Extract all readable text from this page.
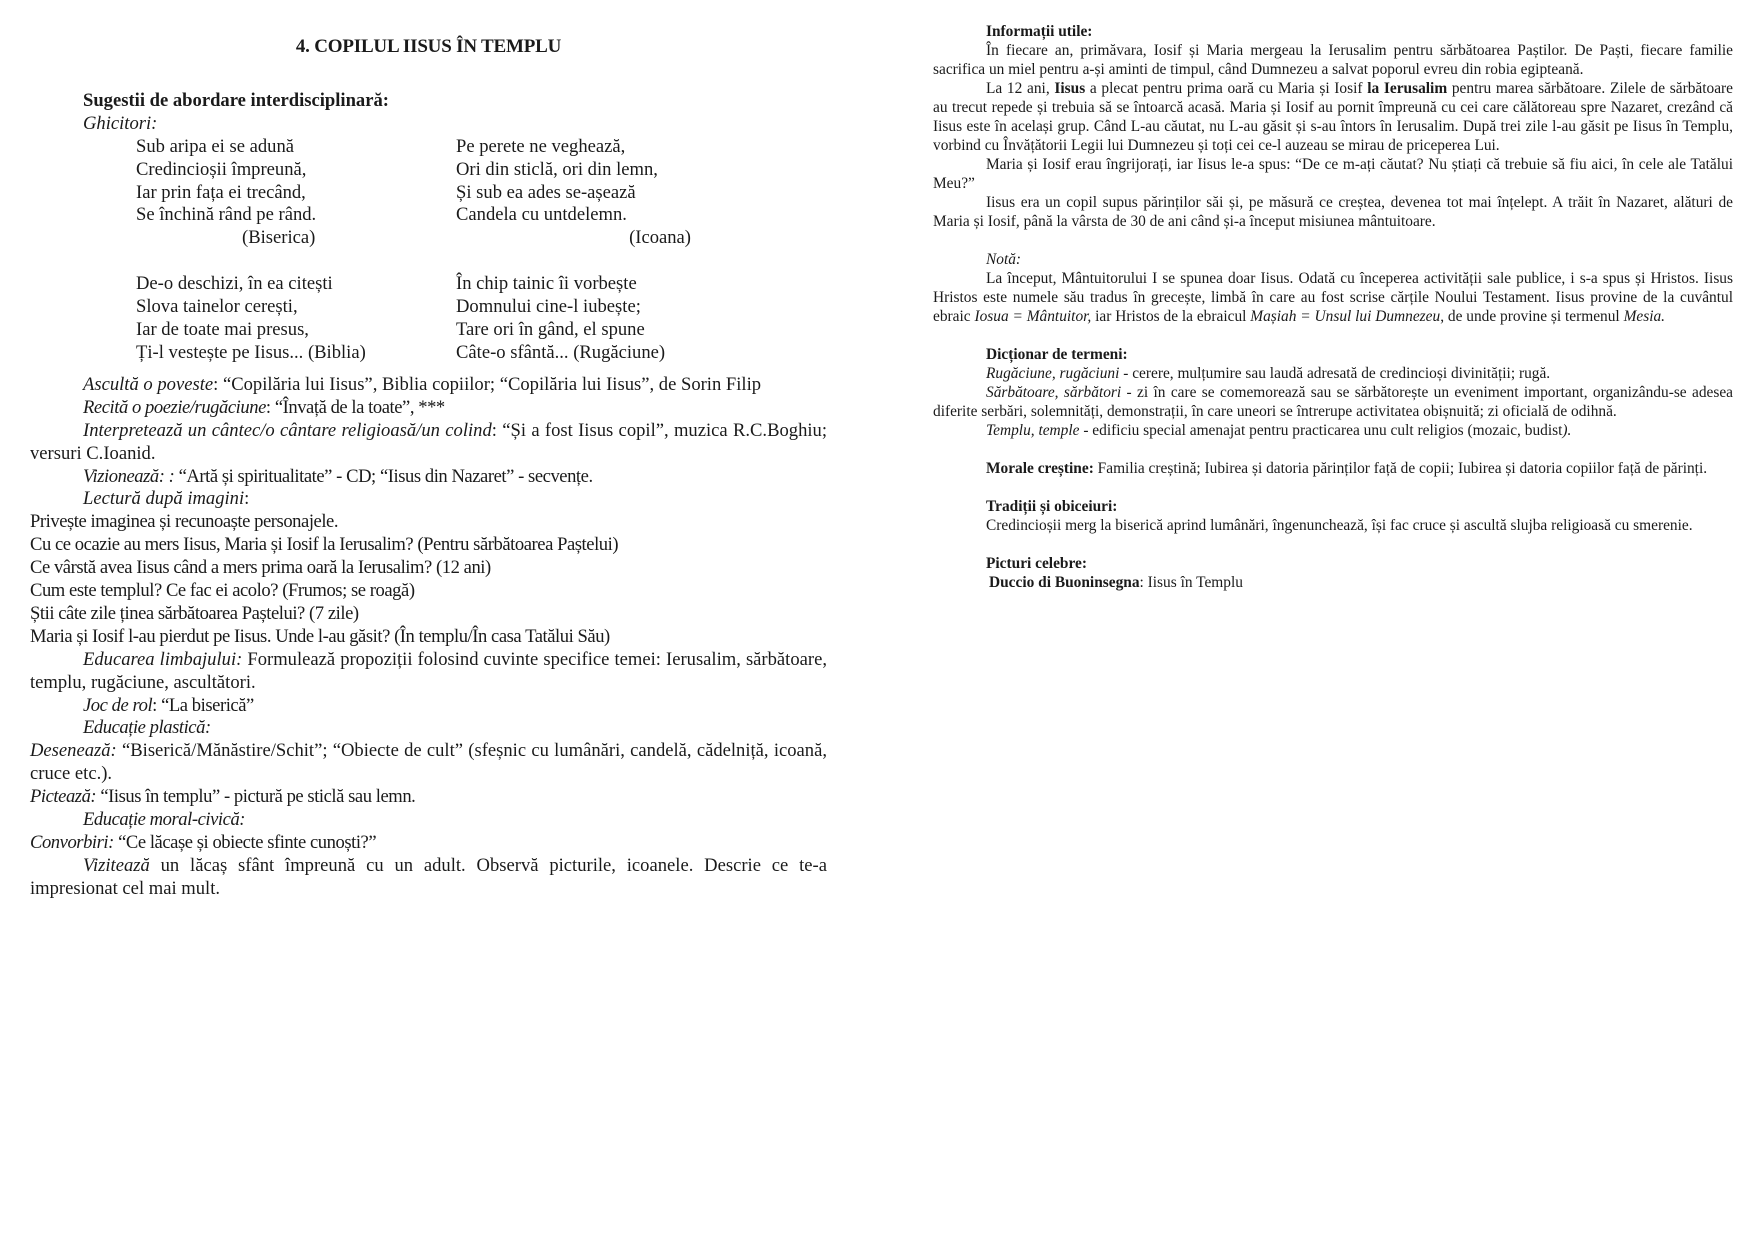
4. COPILUL IISUS ÎN TEMPLU
Sugestii de abordare interdisciplinară:
Ghicitori:
Sub aripa ei se adună
Credincioșii împreună,
Iar prin fața ei trecând,
Se închină rând pe rând.
(Biserica)
Pe perete ne veghează,
Ori din sticlă, ori din lemn,
Și sub ea ades se-așează
Candela cu untdelemn.
(Icoana)
De-o deschizi, în ea citești
Slova tainelor cerești,
Iar de toate mai presus,
Ți-l vestește pe Iisus... (Biblia)
În chip tainic îi vorbește
Domnului cine-l iubește;
Tare ori în gând, el spune
Câte-o sfântă... (Rugăciune)

Ascultă o poveste: “Copilăria lui Iisus”, Biblia copiilor; “Copilăria lui Iisus”, de Sorin Filip

Recită o poezie/rugăciune: “Învață de la toate”, ***

Interpretează un cântec/o cântare religioasă/un colind: “Și a fost Iisus copil”, muzica R.C.Boghiu; versuri C.Ioanid.

Vizionează: : “Artă și spiritualitate” - CD; “Iisus din Nazaret” - secvențe.

Lectură după imagini:

Privește imaginea și recunoaște personajele.
Cu ce ocazie au mers Iisus, Maria și Iosif la Ierusalim? (Pentru sărbătoarea Paștelui)
Ce vârstă avea Iisus când a mers prima oară la Ierusalim? (12 ani)
Cum este templul? Ce fac ei acolo? (Frumos; se roagă)
Știi câte zile ținea sărbătoarea Paștelui? (7 zile)
Maria și Iosif l-au pierdut pe Iisus. Unde l-au găsit? (În templu/În casa Tatălui Său)

Educarea limbajului: Formulează propoziții folosind cuvinte specifice temei: Ierusalim, sărbătoare, templu, rugăciune, ascultători.

Joc de rol: “La biserică”

Educație plastică:

Desenează: “Biserică/Mănăstire/Schit”; “Obiecte de cult” (sfeșnic cu lumânări, candelă, cădelniță, icoană, cruce etc.).

Pictează: “Iisus în templu” - pictură pe sticlă sau lemn.

Educație moral-civică:

Convorbiri: “Ce lăcașe și obiecte sfinte cunoști?”

Vizitează un lăcaș sfânt împreună cu un adult. Observă picturile, icoanele. Descrie ce te-a impresionat cel mai mult.

Informații utile:

În fiecare an, primăvara, Iosif și Maria mergeau la Ierusalim pentru sărbătoarea Paștilor. De Paști, fiecare familie sacrifica un miel pentru a-și aminti de timpul, când Dumnezeu a salvat poporul evreu din robia egipteană.

La 12 ani, Iisus a plecat pentru prima oară cu Maria și Iosif la Ierusalim pentru marea sărbătoare. Zilele de sărbătoare au trecut repede și trebuia să se întoarcă acasă. Maria și Iosif au pornit împreună cu cei care călătoreau spre Nazaret, crezând că Iisus este în același grup. Când L-au căutat, nu L-au găsit și s-au întors în Ierusalim. După trei zile l-au găsit pe Iisus în Templu, vorbind cu Învățătorii Legii lui Dumnezeu și toți cei ce-l auzeau se mirau de priceperea Lui.

Maria și Iosif erau îngrijorați, iar Iisus le-a spus: “De ce m-ați căutat? Nu știați că trebuie să fiu aici, în cele ale Tatălui Meu?”

Iisus era un copil supus părinților săi și, pe măsură ce creștea, devenea tot mai înțelept. A trăit în Nazaret, alături de Maria și Iosif, până la vârsta de 30 de ani când și-a început misiunea mântuitoare.

Notă:

La început, Mântuitorului I se spunea doar Iisus. Odată cu începerea activității sale publice, i s-a spus și Hristos. Iisus Hristos este numele său tradus în grecește, limbă în care au fost scrise cărțile Noului Testament. Iisus provine de la cuvântul ebraic Iosua = Mântuitor, iar Hristos de la ebraicul Mașiah = Unsul lui Dumnezeu, de unde provine și termenul Mesia.

Dicționar de termeni:

Rugăciune, rugăciuni - cerere, mulțumire sau laudă adresată de credincioși divinității; rugă.

Sărbătoare, sărbători - zi în care se comemorează sau se sărbătorește un eveniment important, organizându-se adesea diferite serbări, solemnități, demonstrații, în care uneori se întrerupe activitatea obișnuită; zi oficială de odihnă.

Templu, temple - edificiu special amenajat pentru practicarea unu cult religios (mozaic, budist).

Morale creștine: Familia creștină; Iubirea și datoria părinților față de copii; Iubirea și datoria copiilor față de părinți.

Tradiții și obiceiuri:

Credincioșii merg la biserică aprind lumânări, îngenunchează, își fac cruce și ascultă slujba religioasă cu smerenie.

Picturi celebre:

Duccio di Buoninsegna: Iisus în Templu
